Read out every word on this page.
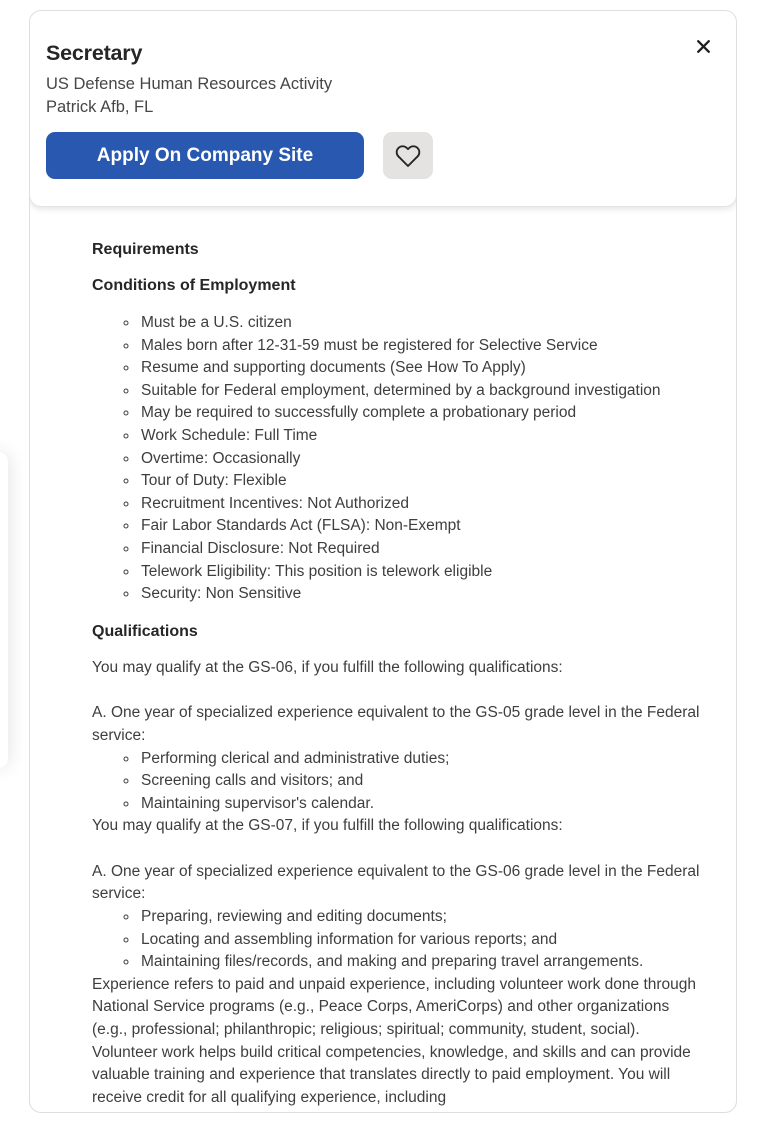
Secretary

US Defense Human Resources Activity

Patrick Afb, FL

Apply On Company Site
Requirements
Conditions of Employment
◦ Must be a U.S. citizen
◦ Males born after 12-31-59 must be registered for Selective Service
◦ Resume and supporting documents (See How To Apply)
◦ Suitable for Federal employment, determined by a background investigation
◦ May be required to successfully complete a probationary period
◦ Work Schedule: Full Time
◦ Overtime: Occasionally
◦ Tour of Duty: Flexible
◦ Recruitment Incentives: Not Authorized
◦ Fair Labor Standards Act (FLSA): Non-Exempt
◦ Financial Disclosure: Not Required
◦ Telework Eligibility: This position is telework eligible
◦ Security: Non Sensitive
Qualifications

You may qualify at the GS-06, if you fulfill the following qualifications:

A. One year of specialized experience equivalent to the GS-05 grade level in the Federal service:

◦ Performing clerical and administrative duties;
◦ Screening calls and visitors; and
◦ Maintaining supervisor's calendar.

You may qualify at the GS-07, if you fulfill the following qualifications:

A. One year of specialized experience equivalent to the GS-06 grade level in the Federal service:

◦ Preparing, reviewing and editing documents;
◦ Locating and assembling information for various reports; and
◦ Maintaining files/records, and making and preparing travel arrangements.

Experience refers to paid and unpaid experience, including volunteer work done through National Service programs (e.g., Peace Corps, AmeriCorps) and other organizations (e.g., professional; philanthropic; religious; spiritual; community, student, social). Volunteer work helps build critical competencies, knowledge, and skills and can provide valuable training and experience that translates directly to paid employment. You will receive credit for all qualifying experience, including
